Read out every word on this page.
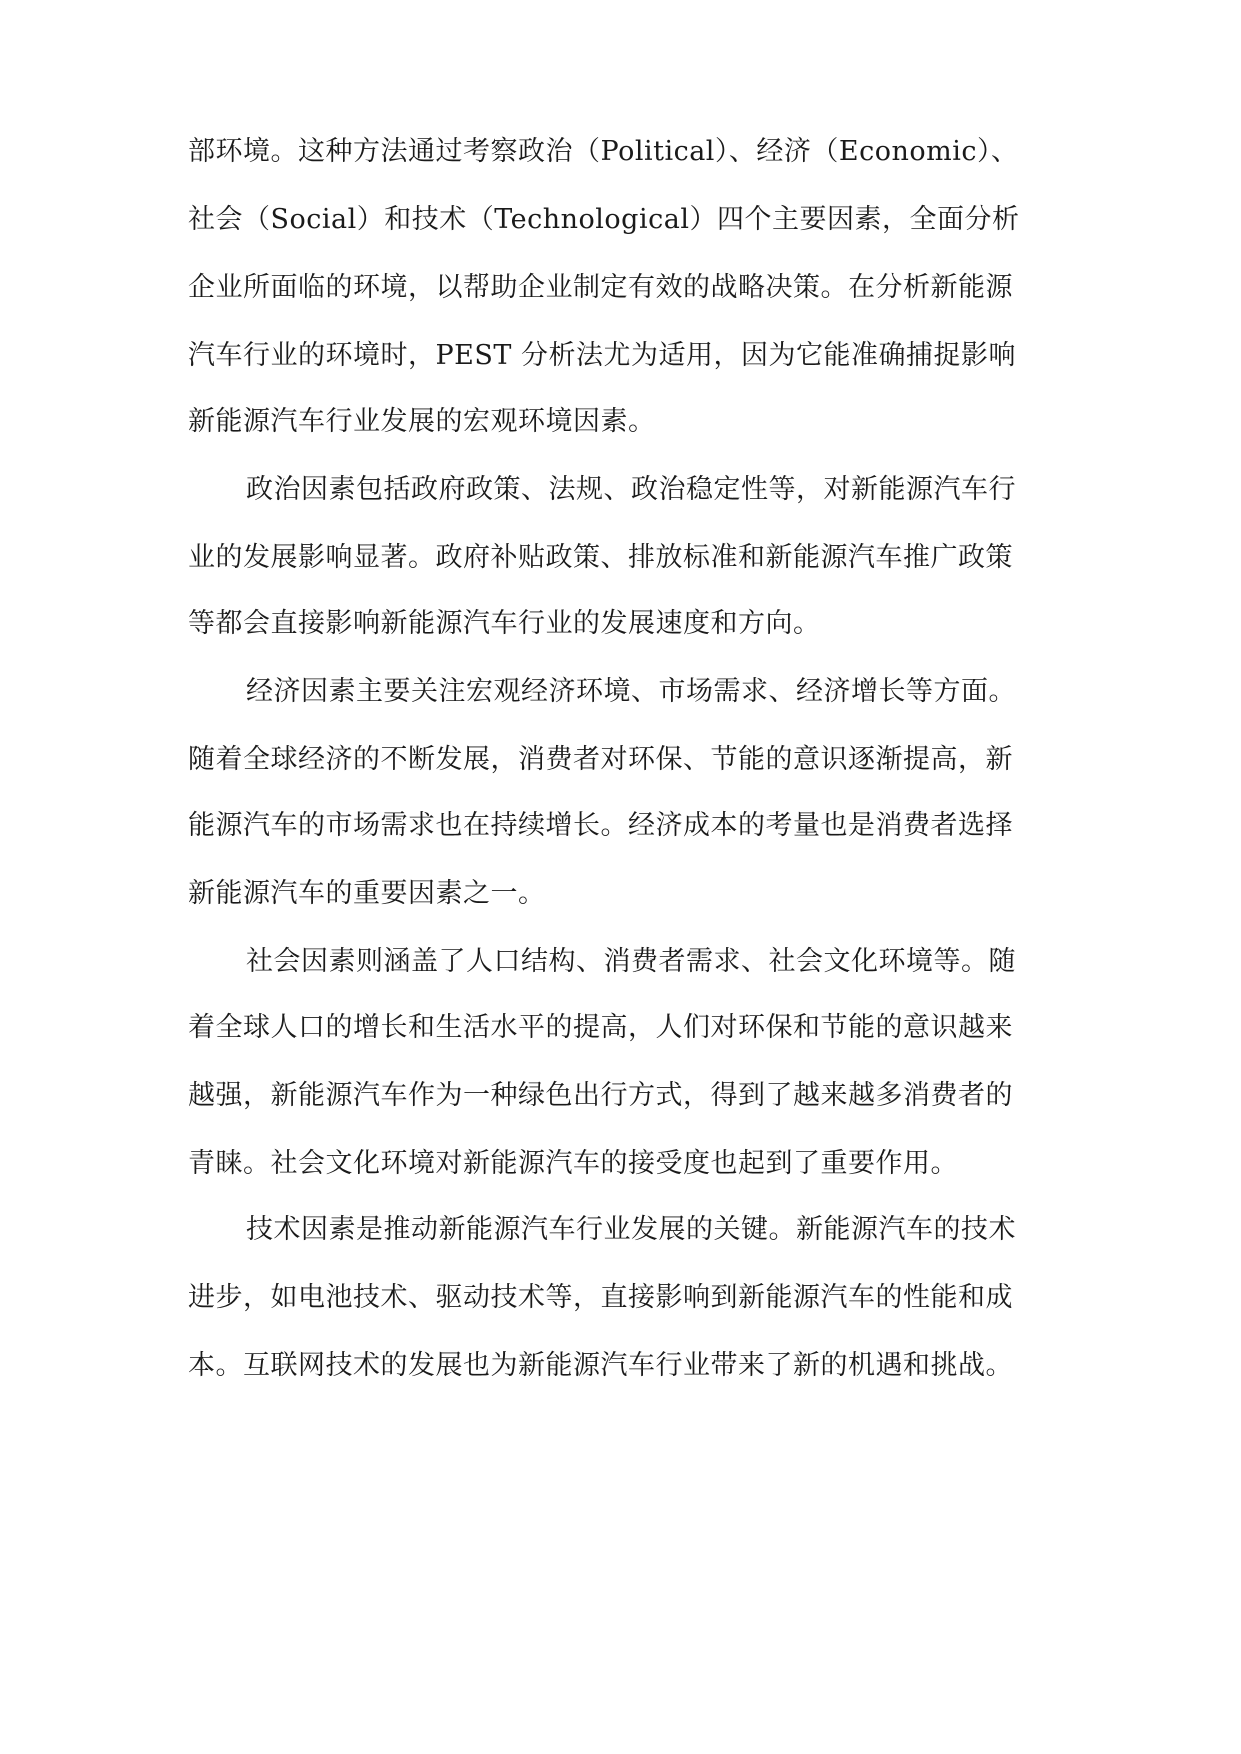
部环境。这种方法通过考察政治（Political）、经济（Economic）、
社会（Social）和技术（Technological）四个主要因素，全面分析
企业所面临的环境，以帮助企业制定有效的战略决策。在分析新能源
汽车行业的环境时，PEST 分析法尤为适用，因为它能准确捕捉影响
新能源汽车行业发展的宏观环境因素。
政治因素包括政府政策、法规、政治稳定性等，对新能源汽车行
业的发展影响显著。政府补贴政策、排放标准和新能源汽车推广政策
等都会直接影响新能源汽车行业的发展速度和方向。
经济因素主要关注宏观经济环境、市场需求、经济增长等方面。
随着全球经济的不断发展，消费者对环保、节能的意识逐渐提高，新
能源汽车的市场需求也在持续增长。经济成本的考量也是消费者选择
新能源汽车的重要因素之一。
社会因素则涵盖了人口结构、消费者需求、社会文化环境等。随
着全球人口的增长和生活水平的提高，人们对环保和节能的意识越来
越强，新能源汽车作为一种绿色出行方式，得到了越来越多消费者的
青睐。社会文化环境对新能源汽车的接受度也起到了重要作用。
技术因素是推动新能源汽车行业发展的关键。新能源汽车的技术
进步，如电池技术、驱动技术等，直接影响到新能源汽车的性能和成
本。互联网技术的发展也为新能源汽车行业带来了新的机遇和挑战。
